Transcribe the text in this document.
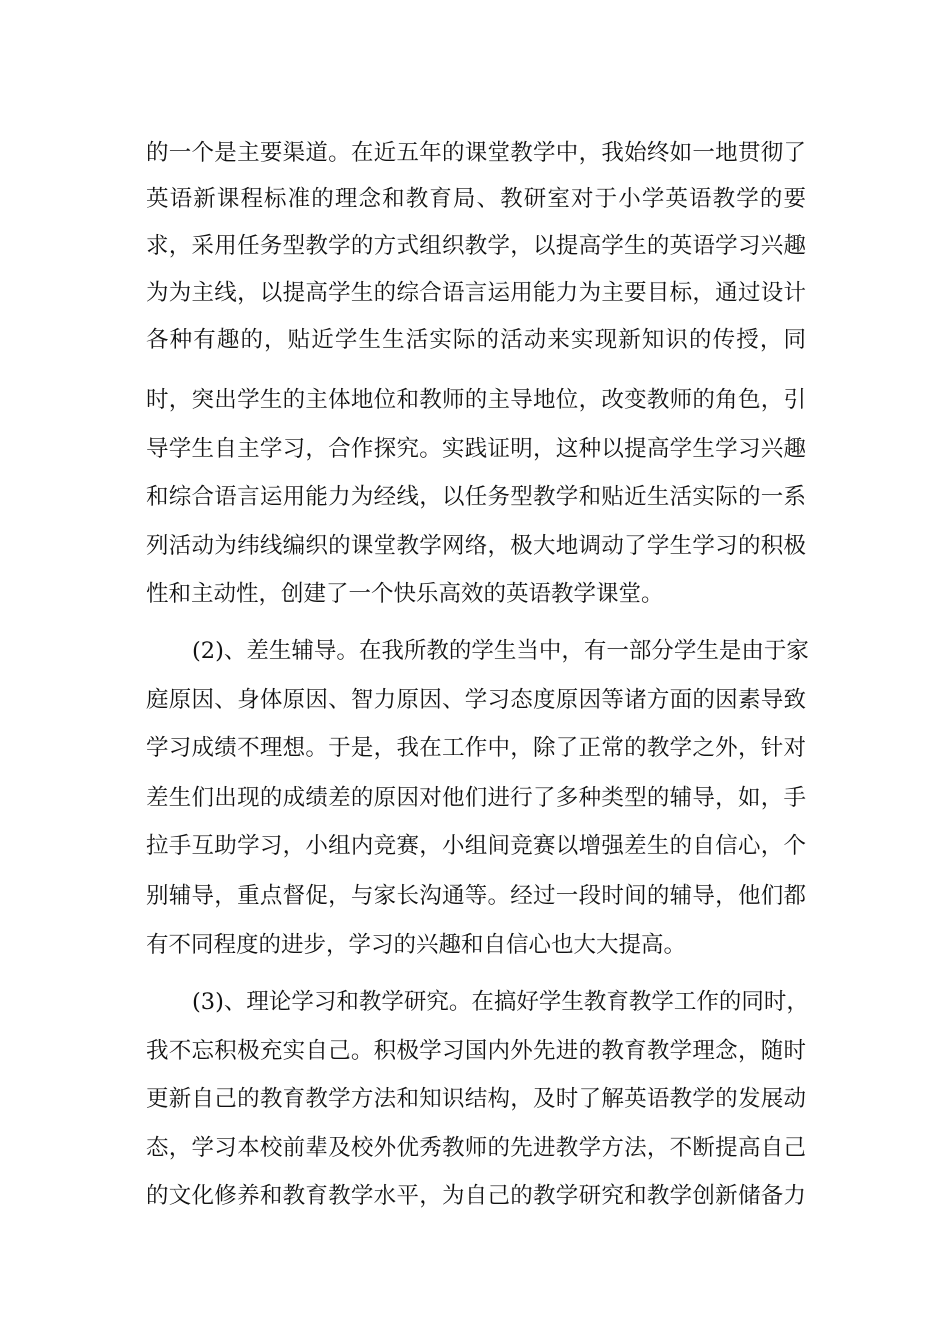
的一个是主要渠道。在近五年的课堂教学中，我始终如一地贯彻了
英语新课程标准的理念和教育局、教研室对于小学英语教学的要
求，采用任务型教学的方式组织教学，以提高学生的英语学习兴趣
为为主线，以提高学生的综合语言运用能力为主要目标，通过设计
各种有趣的，贴近学生生活实际的活动来实现新知识的传授，同
时，突出学生的主体地位和教师的主导地位，改变教师的角色，引
导学生自主学习，合作探究。实践证明，这种以提高学生学习兴趣
和综合语言运用能力为经线，以任务型教学和贴近生活实际的一系
列活动为纬线编织的课堂教学网络，极大地调动了学生学习的积极
性和主动性，创建了一个快乐高效的英语教学课堂。
(2)、差生辅导。在我所教的学生当中，有一部分学生是由于家
庭原因、身体原因、智力原因、学习态度原因等诸方面的因素导致
学习成绩不理想。于是，我在工作中，除了正常的教学之外，针对
差生们出现的成绩差的原因对他们进行了多种类型的辅导，如，手
拉手互助学习，小组内竞赛，小组间竞赛以增强差生的自信心，个
别辅导，重点督促，与家长沟通等。经过一段时间的辅导，他们都
有不同程度的进步，学习的兴趣和自信心也大大提高。
(3)、理论学习和教学研究。在搞好学生教育教学工作的同时，
我不忘积极充实自己。积极学习国内外先进的教育教学理念，随时
更新自己的教育教学方法和知识结构，及时了解英语教学的发展动
态，学习本校前辈及校外优秀教师的先进教学方法，不断提高自己
的文化修养和教育教学水平，为自己的教学研究和教学创新储备力
